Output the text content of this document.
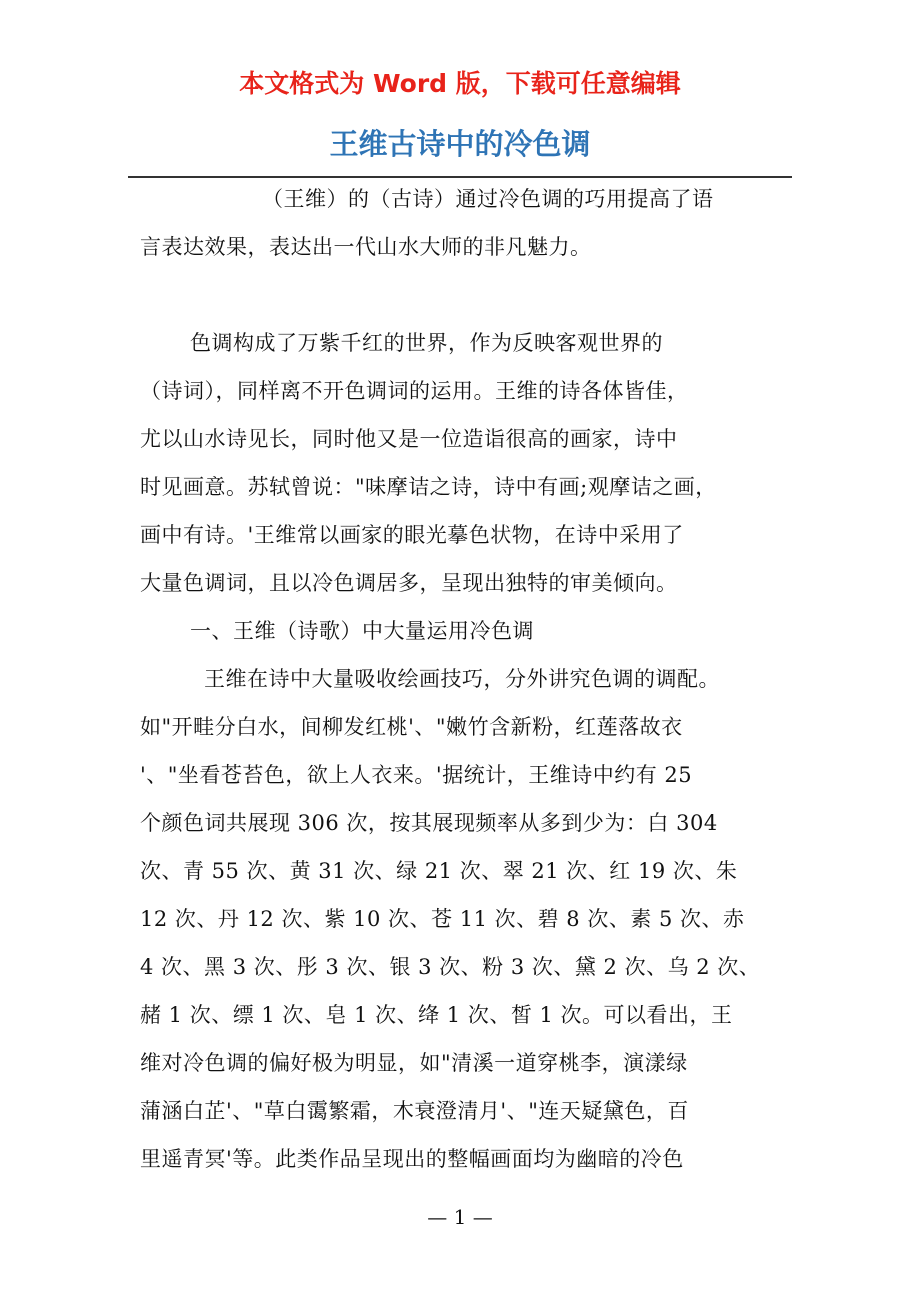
本文格式为 Word 版，下载可任意编辑
王维古诗中的冷色调
（王维）的（古诗）通过冷色调的巧用提高了语
言表达效果，表达出一代山水大师的非凡魅力。
色调构成了万紫千红的世界，作为反映客观世界的
（诗词），同样离不开色调词的运用。王维的诗各体皆佳，
尤以山水诗见长，同时他又是一位造诣很高的画家，诗中
时见画意。苏轼曾说："味摩诘之诗，诗中有画;观摩诘之画，
画中有诗。'王维常以画家的眼光摹色状物，在诗中采用了
大量色调词，且以冷色调居多，呈现出独特的审美倾向。
一、王维（诗歌）中大量运用冷色调
王维在诗中大量吸收绘画技巧，分外讲究色调的调配。
如"开畦分白水，间柳发红桃'、"嫩竹含新粉，红莲落故衣
'、"坐看苍苔色，欲上人衣来。'据统计，王维诗中约有 25
个颜色词共展现 306 次，按其展现频率从多到少为：白 304
次、青 55 次、黄 31 次、绿 21 次、翠 21 次、红 19 次、朱
12 次、丹 12 次、紫 10 次、苍 11 次、碧 8 次、素 5 次、赤
4 次、黑 3 次、彤 3 次、银 3 次、粉 3 次、黛 2 次、乌 2 次、
赭 1 次、缥 1 次、皂 1 次、绛 1 次、皙 1 次。可以看出，王
维对冷色调的偏好极为明显，如"清溪一道穿桃李，演漾绿
蒲涵白芷'、"草白霭繁霜，木衰澄清月'、"连天疑黛色，百
里遥青冥'等。此类作品呈现出的整幅画面均为幽暗的冷色
— 1 —
